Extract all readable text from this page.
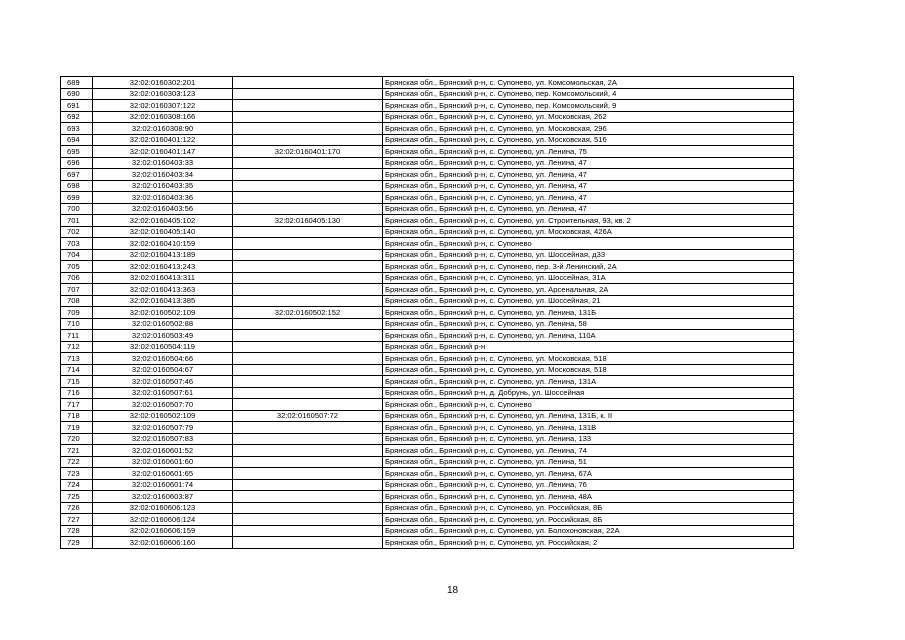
689	32:02:0160302:201		Брянская обл., Брянский р-н, с. Супонево, ул. Комсомольская, 2А
690	32:02:0160303:123		Брянская обл., Брянский р-н, с. Супонево, пер. Комсомольский, 4
691	32:02:0160307:122		Брянская обл., Брянский р-н, с. Супонево, пер. Комсомольский, 9
692	32:02:0160308:166		Брянская обл., Брянский р-н, с. Супонево, ул. Московская, 262
693	32:02:0160308:90		Брянская обл., Брянский р-н, с. Супонево, ул. Московская, 296
694	32:02:0160401:122		Брянская обл., Брянский р-н, с. Супонево, ул. Московская, 516
695	32:02:0160401:147	32:02:0160401:170	Брянская обл., Брянский р-н, с. Супонево, ул. Ленина, 75
696	32:02:0160403:33		Брянская обл., Брянский р-н, с. Супонево, ул. Ленина, 47
697	32:02:0160403:34		Брянская обл., Брянский р-н, с. Супонево, ул. Ленина, 47
698	32:02:0160403:35		Брянская обл., Брянский р-н, с. Супонево, ул. Ленина, 47
699	32:02:0160403:36		Брянская обл., Брянский р-н, с. Супонево, ул. Ленина, 47
700	32:02:0160403:56		Брянская обл., Брянский р-н, с. Супонево, ул. Ленина, 47
701	32:02:0160405:102	32:02:0160405:130	Брянская обл., Брянский р-н, с. Супонево, ул. Строительная, 93, кв. 2
702	32:02:0160405:140		Брянская обл., Брянский р-н, с. Супонево, ул. Московская, 426А
703	32:02:0160410:159		Брянская обл., Брянский р-н, с. Супонево
704	32:02:0160413:189		Брянская обл., Брянский р-н, с. Супонево, ул. Шоссейная, д33
705	32:02:0160413:243		Брянская обл., Брянский р-н, с. Супонево, пер. 3-й Ленинский, 2А
706	32:02:0160413:311		Брянская обл., Брянский р-н, с. Супонево, ул. Шоссейная, 31А
707	32:02:0160413:363		Брянская обл., Брянский р-н, с. Супонево, ул. Арсенальная, 2А
708	32:02:0160413:385		Брянская обл., Брянский р-н, с. Супонево, ул. Шоссейная, 21
709	32:02:0160502:109	32:02:0160502:152	Брянская обл., Брянский р-н, с. Супонево, ул. Ленина, 131Б
710	32:02:0160502:88		Брянская обл., Брянский р-н, с. Супонево, ул. Ленина, 58
711	32:02:0160503:49		Брянская обл., Брянский р-н, с. Супонево, ул. Ленина, 110А
712	32:02:0160504:119		Брянская обл., Брянский р-н
713	32:02:0160504:66		Брянская обл., Брянский р-н, с. Супонево, ул. Московская, 518
714	32:02:0160504:67		Брянская обл., Брянский р-н, с. Супонево, ул. Московская, 518
715	32:02:0160507:46		Брянская обл., Брянский р-н, с. Супонево, ул. Ленина, 131А
716	32:02:0160507:61		Брянская обл., Брянский р-н, д. Добрунь, ул. Шоссейная
717	32:02:0160507:70		Брянская обл., Брянский р-н, с. Супонево
718	32:02:0160502:109	32:02:0160507:72	Брянская обл., Брянский р-н, с. Супонево, ул. Ленина, 131Б, к. II
719	32:02:0160507:79		Брянская обл., Брянский р-н, с. Супонево, ул. Ленина, 131В
720	32:02:0160507:83		Брянская обл., Брянский р-н, с. Супонево, ул. Ленина, 133
721	32:02:0160601:52		Брянская обл., Брянский р-н, с. Супонево, ул. Ленина, 74
722	32:02:0160601:60		Брянская обл., Брянский р-н, с. Супонево, ул. Ленина, 51
723	32:02:0160601:65		Брянская обл., Брянский р-н, с. Супонево, ул. Ленина, 67А
724	32:02:0160601:74		Брянская обл., Брянский р-н, с. Супонево, ул. Ленина, 76
725	32:02:0160603:87		Брянская обл., Брянский р-н, с. Супонево, ул. Ленина, 48А
726	32:02:0160606:123		Брянская обл., Брянский р-н, с. Супонево, ул. Российская, 8Б
727	32:02:0160606:124		Брянская обл., Брянский р-н, с. Супонево, ул. Российская, 8Б
728	32:02:0160606:159		Брянская обл., Брянский р-н, с. Супонево, ул. Болохоновская, 22А
729	32:02:0160606:160		Брянская обл., Брянский р-н, с. Супонево, ул. Российская, 2
18
